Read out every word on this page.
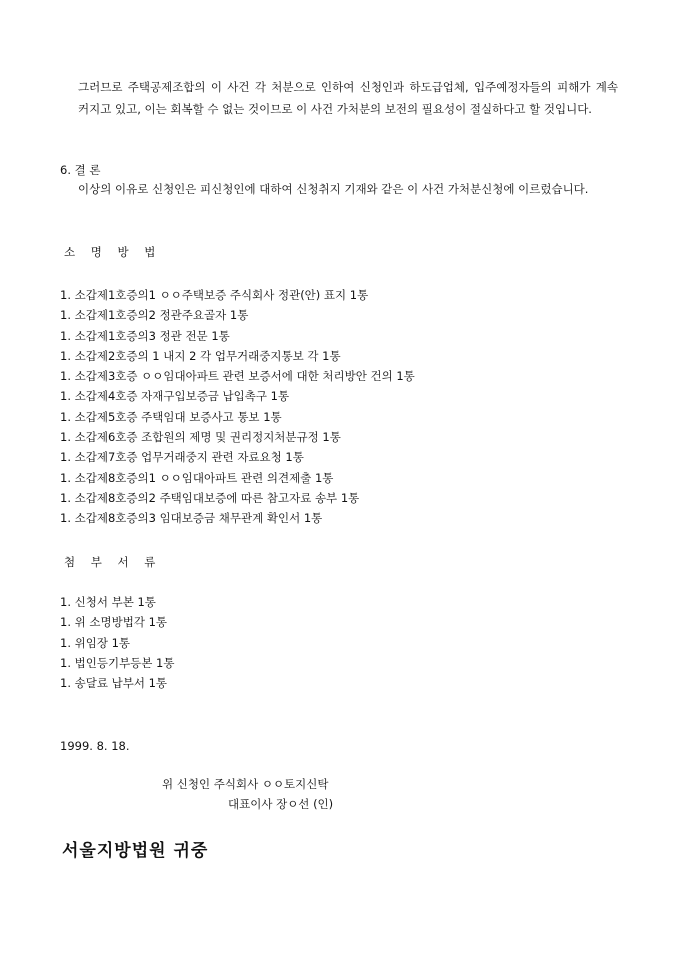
그러므로 주택공제조합의 이 사건 각 처분으로 인하여 신청인과 하도급업체, 입주예정자들의 피해가 계속 커지고 있고, 이는 회복할 수 없는 것이므로 이 사건 가처분의 보전의 필요성이 절실하다고 할 것입니다.
6. 결 론
이상의 이유로 신청인은 피신청인에 대하여 신청취지 기재와 같은 이 사건 가처분신청에 이르렀습니다.
소 명 방 법
1. 소갑제1호증의1 ㅇㅇ주택보증 주식회사 정관(안) 표지 1통
1. 소갑제1호증의2 정관주요골자 1통
1. 소갑제1호증의3 정관 전문 1통
1. 소갑제2호증의 1 내지 2 각 업무거래중지통보 각 1통
1. 소갑제3호증 ㅇㅇ임대아파트 관련 보증서에 대한 처리방안 건의 1통
1. 소갑제4호증 자재구입보증금 납입촉구 1통
1. 소갑제5호증 주택임대 보증사고 통보 1통
1. 소갑제6호증 조합원의 제명 및 권리정지처분규정 1통
1. 소갑제7호증 업무거래중지 관련 자료요청 1통
1. 소갑제8호증의1 ㅇㅇ임대아파트 관련 의견제출 1통
1. 소갑제8호증의2 주택임대보증에 따른 참고자료 송부 1통
1. 소갑제8호증의3 임대보증금 채무관계 확인서 1통
첨 부 서 류
1. 신청서 부본 1통
1. 위 소명방법각 1통
1. 위임장 1통
1. 법인등기부등본 1통
1. 송달료 납부서 1통
1999. 8. 18.
위 신청인 주식회사 ㅇㅇ토지신탁
대표이사 장ㅇ선 (인)
서울지방법원 귀중
